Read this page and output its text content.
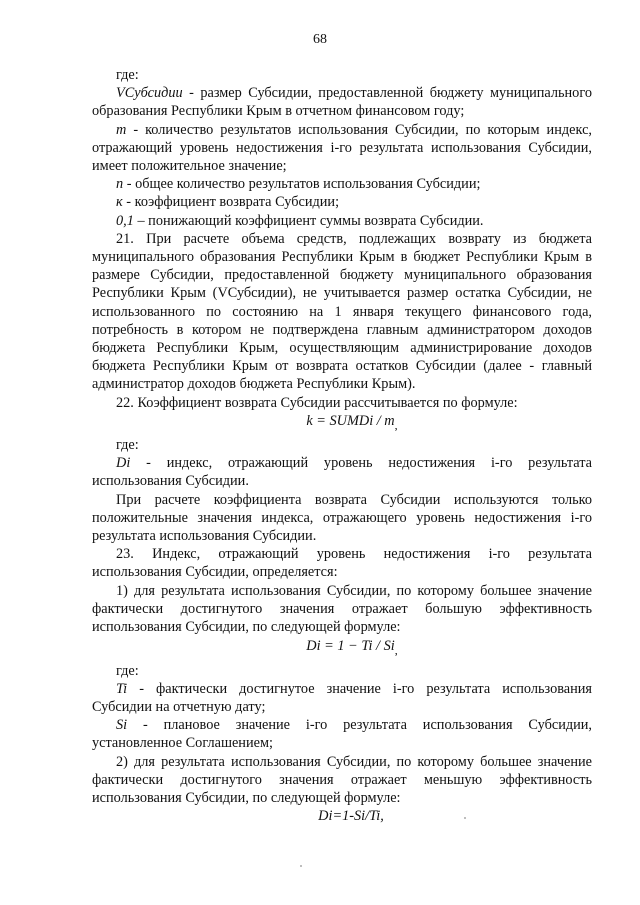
68

где:

VСубсидии - размер Субсидии, предоставленной бюджету муниципального образования Республики Крым в отчетном финансовом году;

m - количество результатов использования Субсидии, по которым индекс, отражающий уровень недостижения i-го результата использования Субсидии, имеет положительное значение;

n - общее количество результатов использования Субсидии;

к - коэффициент возврата Субсидии;

0,1 – понижающий коэффициент суммы возврата Субсидии.

21. При расчете объема средств, подлежащих возврату из бюджета муниципального образования Республики Крым в бюджет Республики Крым в размере Субсидии, предоставленной бюджету муниципального образования Республики Крым (VСубсидии), не учитывается размер остатка Субсидии, не использованного по состоянию на 1 января текущего финансового года, потребность в котором не подтверждена главным администратором доходов бюджета Республики Крым, осуществляющим администрирование доходов бюджета Республики Крым от возврата остатков Субсидии (далее - главный администратор доходов бюджета Республики Крым).

22. Коэффициент возврата Субсидии рассчитывается по формуле:

k = SUMDi / $m_,$

где:

Di - индекс, отражающий уровень недостижения i-го результата использования Субсидии.

При расчете коэффициента возврата Субсидии используются только положительные значения индекса, отражающего уровень недостижения i-го результата использования Субсидии.

23. Индекс, отражающий уровень недостижения i-го результата использования Субсидии, определяется:

1) для результата использования Субсидии, по которому большее значение фактически достигнутого значения отражает большую эффективность использования Субсидии, по следующей формуле:

$Di = 1 - Ti / Si_,$

где:

Ti - фактически достигнутое значение i-го результата использования Субсидии на отчетную дату;

Si - плановое значение i-го результата использования Субсидии, установленное Соглашением;

2) для результата использования Субсидии, по которому большее значение фактически достигнутого значения отражает меньшую эффективность использования Субсидии, по следующей формуле:

Di=1-Si/Ti,
